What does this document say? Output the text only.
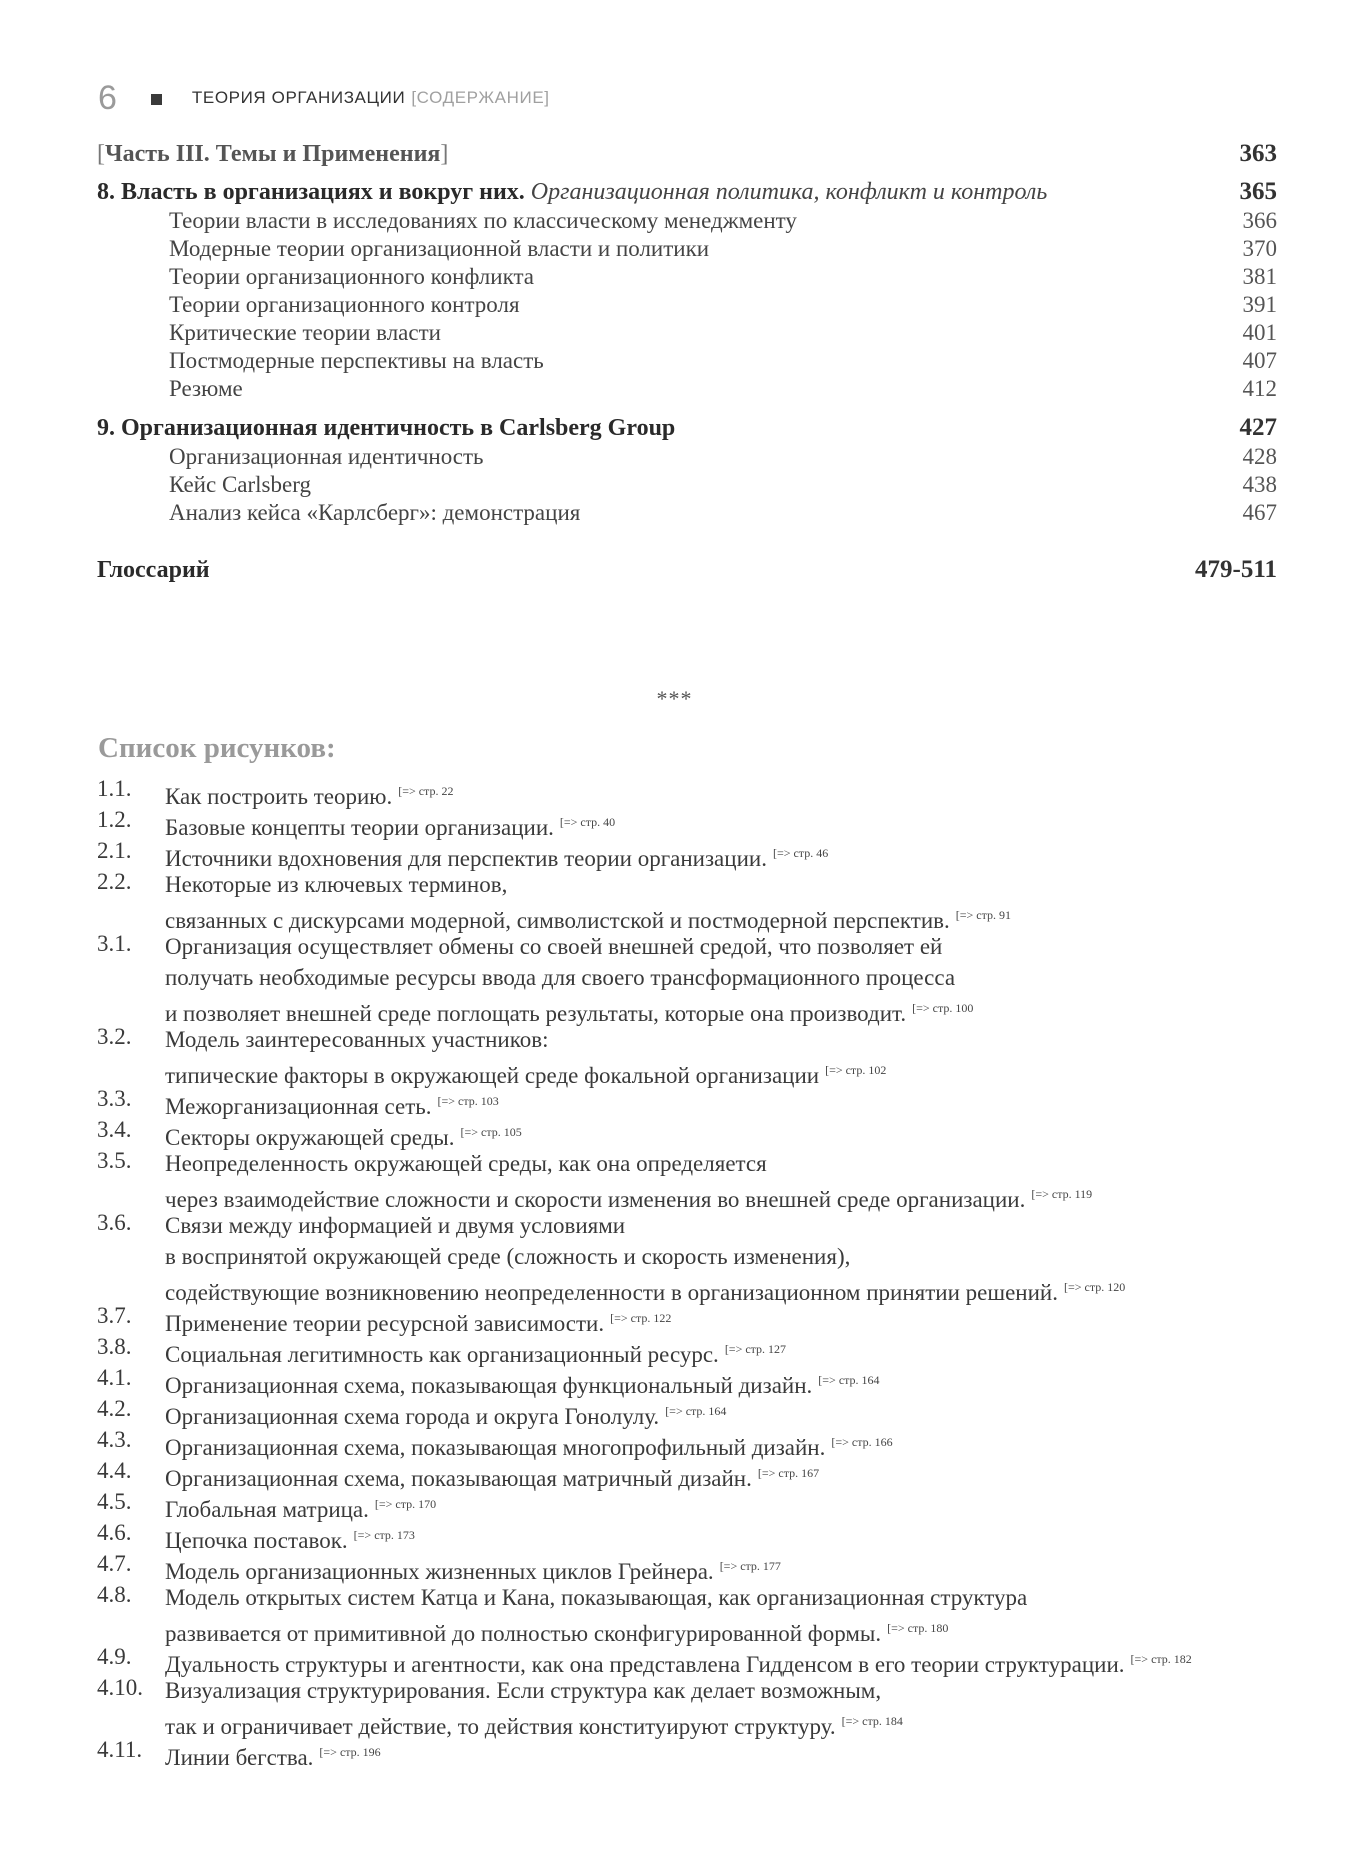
6	ТЕОРИЯ ОРГАНИЗАЦИИ [СОДЕРЖАНИЕ]
[Часть III. Темы и Применения]	363
8. Власть в организациях и вокруг них. Организационная политика, конфликт и контроль	365
Теории власти в исследованиях по классическому менеджменту	366
Модерные теории организационной власти и политики	370
Теории организационного конфликта	381
Теории организационного контроля	391
Критические теории власти	401
Постмодерные перспективы на власть	407
Резюме	412
9. Организационная идентичность в Carlsberg Group	427
Организационная идентичность	428
Кейс Carlsberg	438
Анализ кейса «Карлсберг»: демонстрация	467
Глоссарий	479-511
***
Список рисунков:
1.1.	Как построить теорию. $^{[=> стр. 22}$
1.2.	Базовые концепты теории организации. $^{[=> стр. 40}$
2.1.	Источники вдохновения для перспектив теории организации. $^{[=> стр. 46}$
2.2.	Некоторые из ключевых терминов,
связанных с дискурсами модерной, символистской и постмодерной перспектив. $^{[=> стр. 91}$
3.1.	Организация осуществляет обмены со своей внешней средой, что позволяет ей
получать необходимые ресурсы ввода для своего трансформационного процесса
и позволяет внешней среде поглощать результаты, которые она производит. $^{[=> стр. 100}$
3.2.	Модель заинтересованных участников:
типические факторы в окружающей среде фокальной организации $^{[=> стр. 102}$
3.3.	Межорганизационная сеть. $^{[=> стр. 103}$
3.4.	Секторы окружающей среды. $^{[=> стр. 105}$
3.5.	Неопределенность окружающей среды, как она определяется
через взаимодействие сложности и скорости изменения во внешней среде организации. $^{[=> стр. 119}$
3.6.	Связи между информацией и двумя условиями
в воспринятой окружающей среде (сложность и скорость изменения),
содействующие возникновению неопределенности в организационном принятии решений. $^{[=> стр. 120}$
3.7.	Применение теории ресурсной зависимости. $^{[=> стр. 122}$
3.8.	Социальная легитимность как организационный ресурс. $^{[=> стр. 127}$
4.1.	Организационная схема, показывающая функциональный дизайн. $^{[=> стр. 164}$
4.2.	Организационная схема города и округа Гонолулу. $^{[=> стр. 164}$
4.3.	Организационная схема, показывающая многопрофильный дизайн. $^{[=> стр. 166}$
4.4.	Организационная схема, показывающая матричный дизайн. $^{[=> стр. 167}$
4.5.	Глобальная матрица. $^{[=> стр. 170}$
4.6.	Цепочка поставок. $^{[=> стр. 173}$
4.7.	Модель организационных жизненных циклов Грейнера. $^{[=> стр. 177}$
4.8.	Модель открытых систем Катца и Кана, показывающая, как организационная структура
развивается от примитивной до полностью сконфигурированной формы. $^{[=> стр. 180}$
4.9.	Дуальность структуры и агентности, как она представлена Гидденсом в его теории структурации. $^{[=> стр. 182}$
4.10. Визуализация структурирования. Если структура как делает возможным,
так и ограничивает действие, то действия конституируют структуру. $^{[=> стр. 184}$
4.11. Линии бегства. $^{[=> стр. 196}$
